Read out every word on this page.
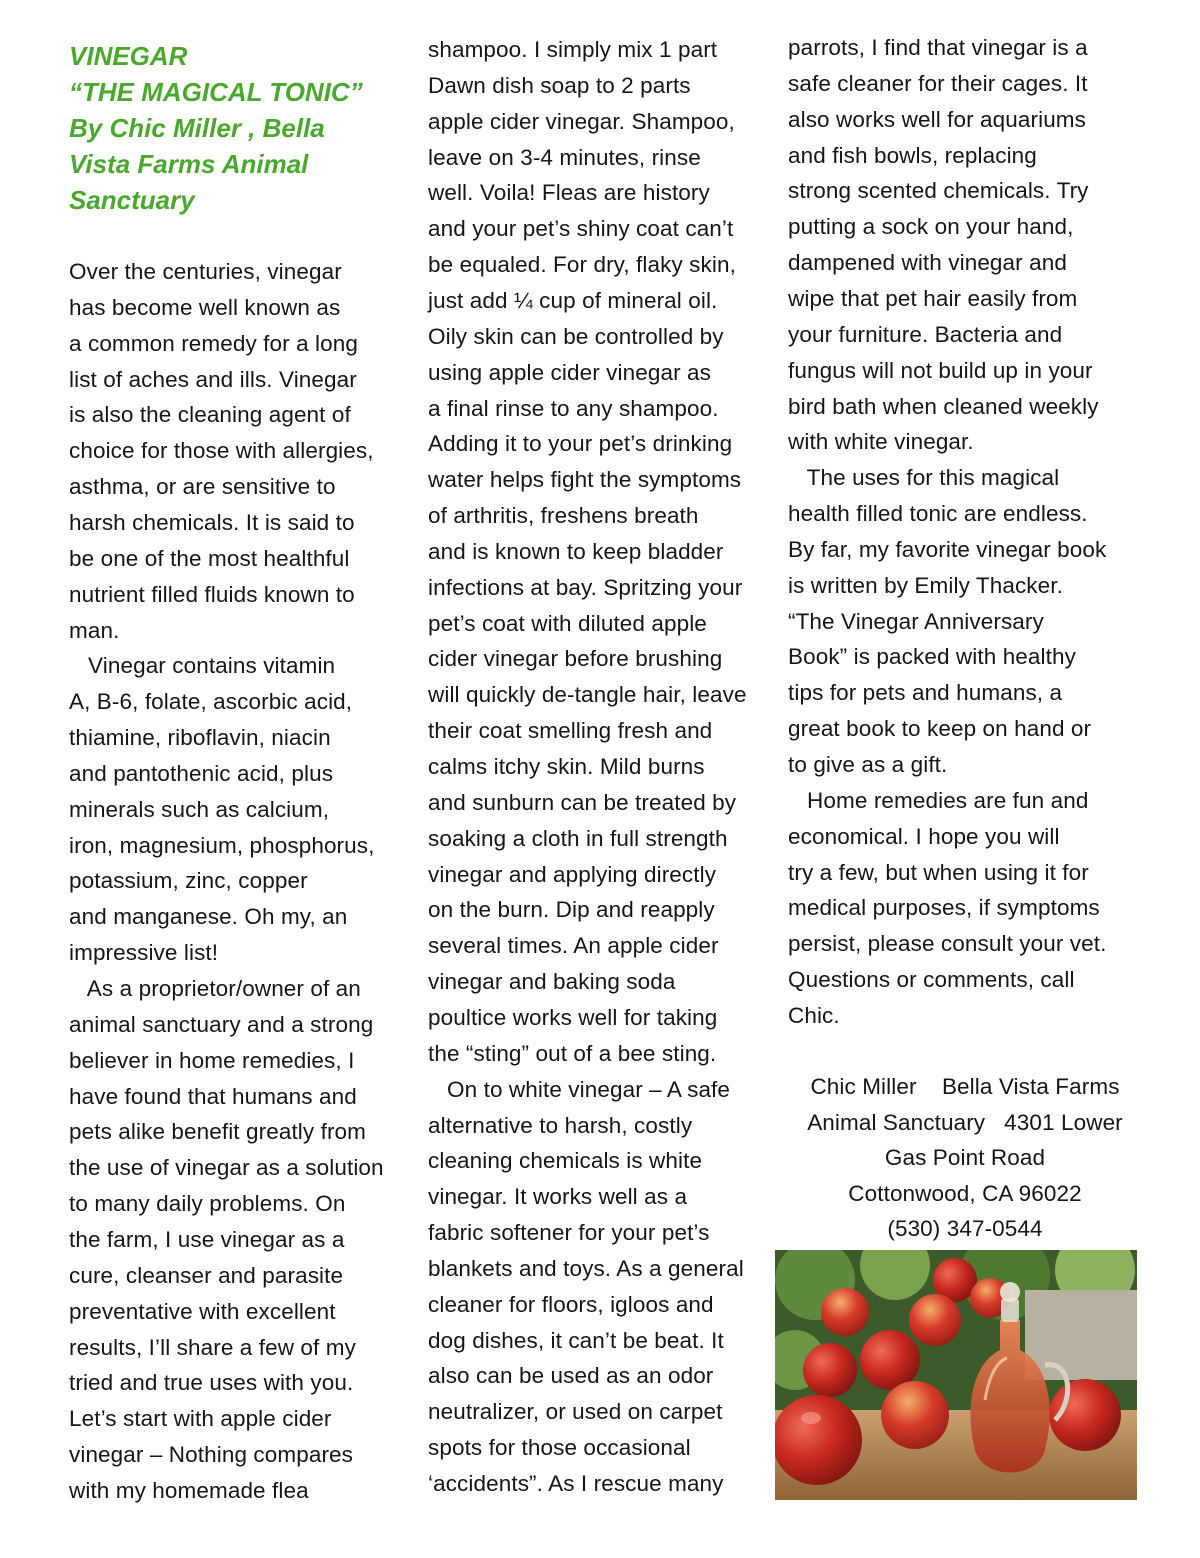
VINEGAR
“THE MAGICAL TONIC”
By Chic Miller , Bella
Vista Farms Animal
Sanctuary
Over the centuries, vinegar
has become well known as
a common remedy for a long
list of aches and ills. Vinegar
is also the cleaning agent of
choice for those with allergies,
asthma, or are sensitive to
harsh chemicals. It is said to
be one of the most healthful
nutrient filled fluids known to
man.
Vinegar contains vitamin
A, B-6, folate, ascorbic acid,
thiamine, riboflavin, niacin
and pantothenic acid, plus
minerals such as calcium,
iron, magnesium, phosphorus,
potassium, zinc, copper
and manganese. Oh my, an
impressive list!
As a proprietor/owner of an
animal sanctuary and a strong
believer in home remedies, I
have found that humans and
pets alike benefit greatly from
the use of vinegar as a solution
to many daily problems. On
the farm, I use vinegar as a
cure, cleanser and parasite
preventative with excellent
results, I’ll share a few of my
tried and true uses with you.
Let’s start with apple cider
vinegar – Nothing compares
with my homemade flea
shampoo. I simply mix 1 part
Dawn dish soap to 2 parts
apple cider vinegar. Shampoo,
leave on 3-4 minutes, rinse
well. Voila! Fleas are history
and your pet’s shiny coat can’t
be equaled. For dry, flaky skin,
just add ¼ cup of mineral oil.
Oily skin can be controlled by
using apple cider vinegar as
a final rinse to any shampoo.
Adding it to your pet’s drinking
water helps fight the symptoms
of arthritis, freshens breath
and is known to keep bladder
infections at bay. Spritzing your
pet’s coat with diluted apple
cider vinegar before brushing
will quickly de-tangle hair, leave
their coat smelling fresh and
calms itchy skin. Mild burns
and sunburn can be treated by
soaking a cloth in full strength
vinegar and applying directly
on the burn. Dip and reapply
several times. An apple cider
vinegar and baking soda
poultice works well for taking
the “sting” out of a bee sting.
On to white vinegar – A safe
alternative to harsh, costly
cleaning chemicals is white
vinegar. It works well as a
fabric softener for your pet’s
blankets and toys. As a general
cleaner for floors, igloos and
dog dishes, it can’t be beat. It
also can be used as an odor
neutralizer, or used on carpet
spots for those occasional
‘accidents”. As I rescue many
parrots, I find that vinegar is a
safe cleaner for their cages. It
also works well for aquariums
and fish bowls, replacing
strong scented chemicals. Try
putting a sock on your hand,
dampened with vinegar and
wipe that pet hair easily from
your furniture. Bacteria and
fungus will not build up in your
bird bath when cleaned weekly
with white vinegar.
The uses for this magical
health filled tonic are endless.
By far, my favorite vinegar book
is written by Emily Thacker.
“The Vinegar Anniversary
Book” is packed with healthy
tips for pets and humans, a
great book to keep on hand or
to give as a gift.
Home remedies are fun and
economical. I hope you will
try a few, but when using it for
medical purposes, if symptoms
persist, please consult your vet.
Questions or comments, call
Chic.
Chic Miller    Bella Vista Farms
Animal Sanctuary   4301 Lower
Gas Point Road
Cottonwood, CA 96022
(530) 347-0544
